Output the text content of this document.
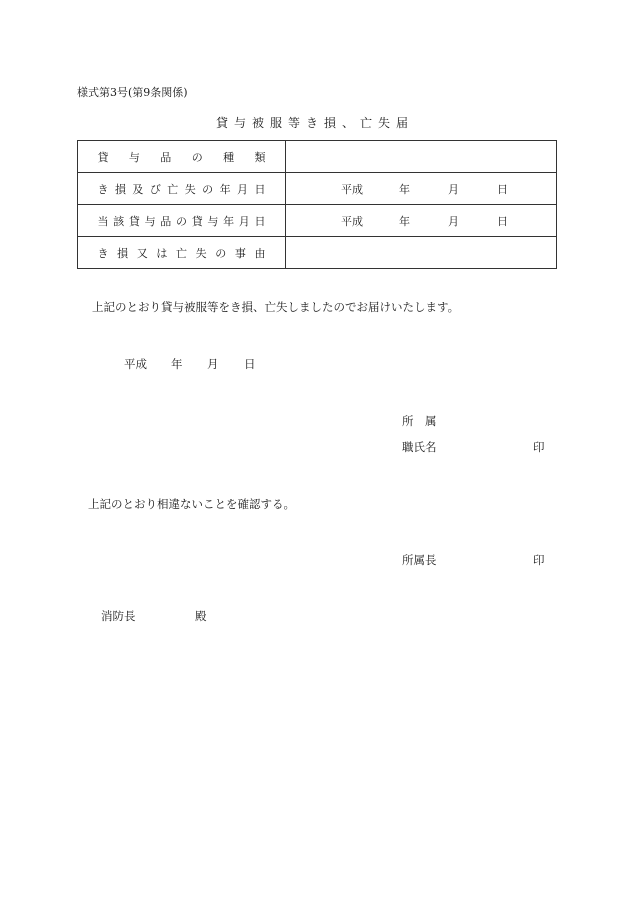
様式第3号(第9条関係)
貸与被服等き損、亡失届
貸与品の種類	
き損及び亡失の年月日	平成 年 月 日

当該貸与品の貸与年月日	平成 年 月 日

き損又は亡失の事由	
上記のとおり貸与被服等をき損、亡失しましたのでお届けいたします。
平成 年 月 日
所　属
職氏名	印
上記のとおり相違ないことを確認する。
所属長	印
消防長	殿
